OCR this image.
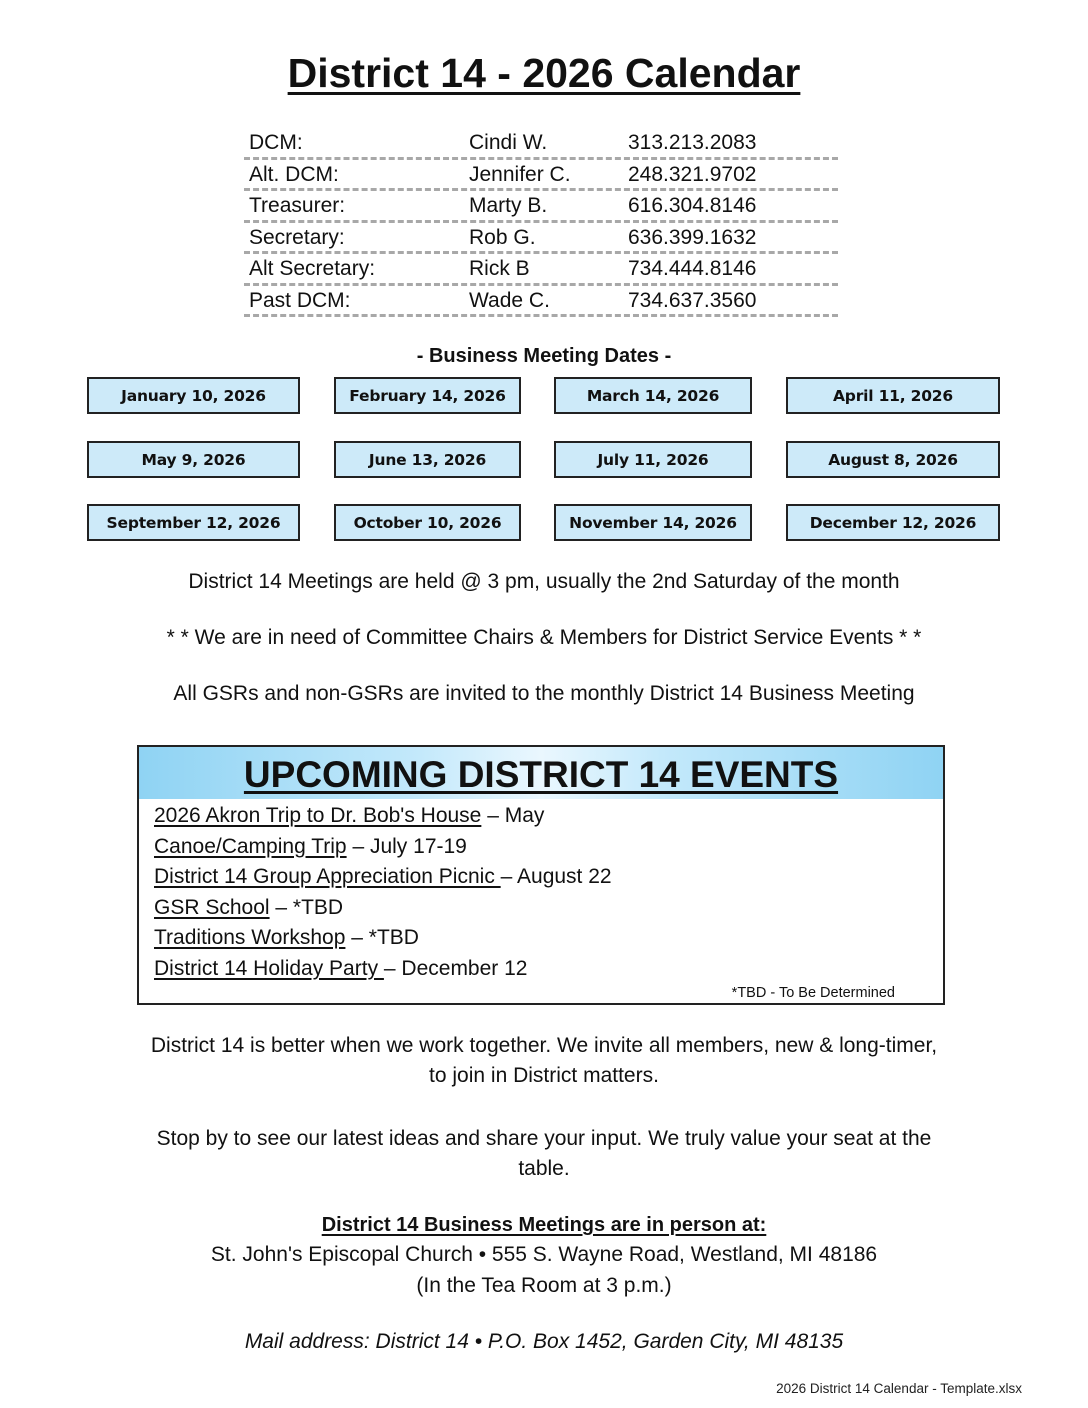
District 14 - 2026 Calendar
DCM:	Cindi W.	313.213.2083
Alt. DCM:	Jennifer C.	248.321.9702
Treasurer:	Marty B.	616.304.8146
Secretary:	Rob G.	636.399.1632
Alt Secretary:	Rick B	734.444.8146
Past DCM:	Wade C.	734.637.3560
- Business Meeting Dates -
January 10, 2026	February 14, 2026	March 14, 2026	April 11, 2026
May 9, 2026	June 13, 2026	July 11, 2026	August 8, 2026
September 12, 2026	October 10, 2026	November 14, 2026	December 12, 2026
District 14 Meetings are held @ 3 pm, usually the 2nd Saturday of the month
* * We are in need of Committee Chairs & Members for District Service Events * *
All GSRs and non-GSRs are invited to the monthly District 14 Business Meeting
UPCOMING DISTRICT 14 EVENTS
2026 Akron Trip to Dr. Bob's House – May
Canoe/Camping Trip – July 17-19
District 14 Group Appreciation Picnic – August 22
GSR School – *TBD
Traditions Workshop – *TBD
District 14 Holiday Party – December 12
*TBD - To Be Determined
District 14 is better when we work together. We invite all members, new & long-timer, to join in District matters.
Stop by to see our latest ideas and share your input. We truly value your seat at the table.
District 14 Business Meetings are in person at:
St. John's Episcopal Church • 555 S. Wayne Road, Westland, MI 48186
(In the Tea Room at 3 p.m.)
Mail address: District 14 • P.O. Box 1452, Garden City, MI 48135
2026 District 14 Calendar - Template.xlsx
